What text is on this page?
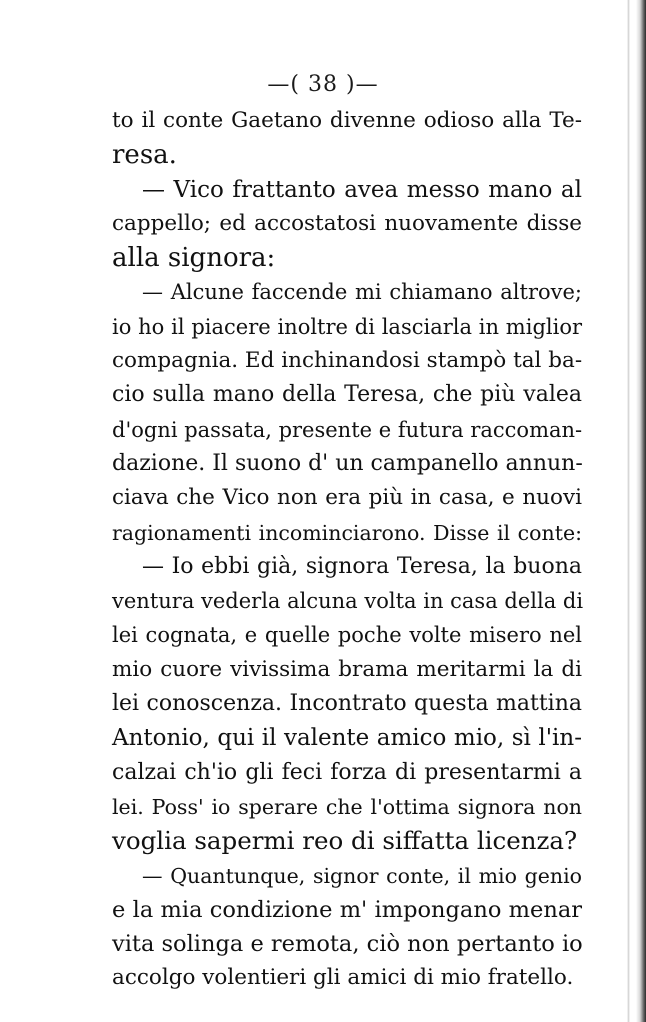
—( 38 )—
to il conte Gaetano divenne odioso alla Te-
resa.
— Vico frattanto avea messo mano al
cappello; ed accostatosi nuovamente disse
alla signora:
— Alcune faccende mi chiamano altrove;
io ho il piacere inoltre di lasciarla in miglior
compagnia. Ed inchinandosi stampò tal ba-
cio sulla mano della Teresa, che più valea
d'ogni passata, presente e futura raccoman-
dazione. Il suono d' un campanello annun-
ciava che Vico non era più in casa, e nuovi
ragionamenti incominciarono. Disse il conte:
— Io ebbi già, signora Teresa, la buona
ventura vederla alcuna volta in casa della di
lei cognata, e quelle poche volte misero nel
mio cuore vivissima brama meritarmi la di
lei conoscenza. Incontrato questa mattina
Antonio, qui il valente amico mio, sì l'in-
calzai ch'io gli feci forza di presentarmi a
lei. Poss' io sperare che l'ottima signora non
voglia sapermi reo di siffatta licenza?
— Quantunque, signor conte, il mio genio
e la mia condizione m' impongano menar
vita solinga e remota, ciò non pertanto io
accolgo volentieri gli amici di mio fratello.
